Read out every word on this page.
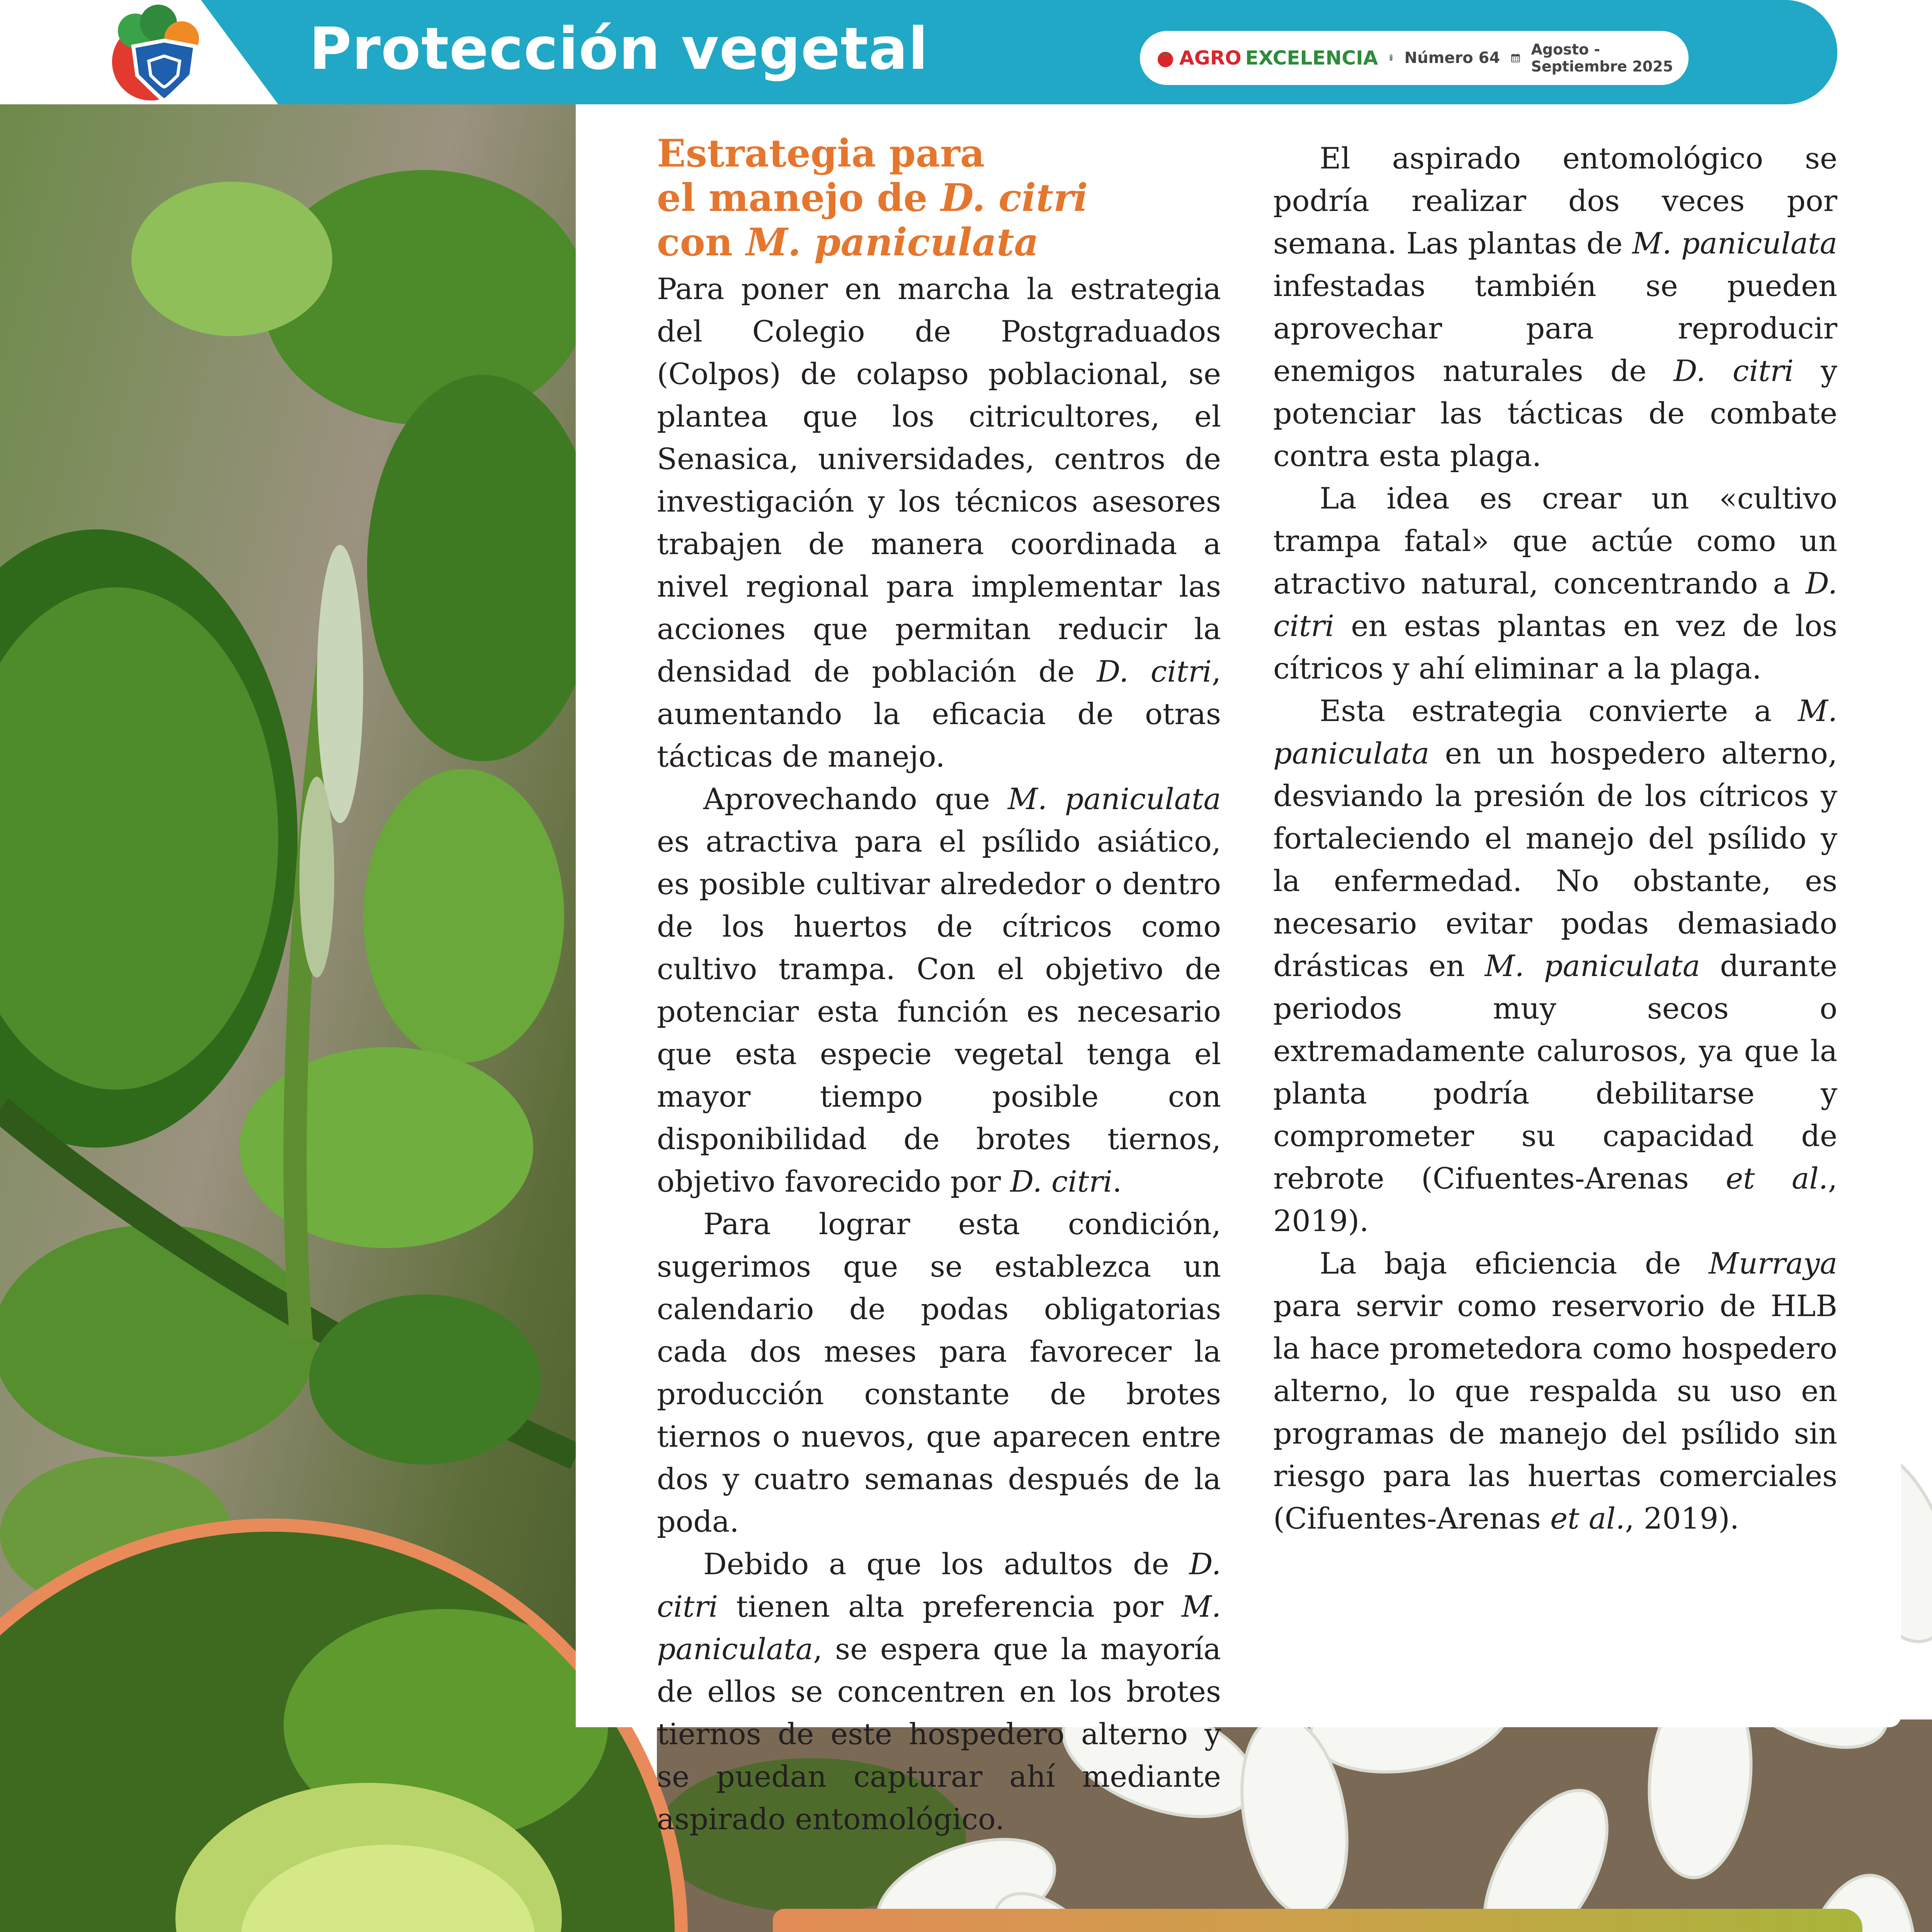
Protección vegetal	AGRO EXCELENCIA Número 64 Agosto -
Septiembre 2025
Estrategia para
el manejo de D. citri
con M. paniculata

Para poner en marcha la estrategia del Colegio de Postgraduados (Colpos) de colapso poblacional, se plantea que los citricultores, el Senasica, universidades, centros de investigación y los técnicos asesores trabajen de manera coordinada a nivel regional para implementar las acciones que permitan reducir la densidad de población de D. citri, aumentando la eficacia de otras tácticas de manejo.

Aprovechando que M. paniculata es atractiva para el psílido asiático, es posible cultivar alrededor o dentro de los huertos de cítricos como cultivo trampa. Con el objetivo de potenciar esta función es necesario que esta especie vegetal tenga el mayor tiempo posible con disponibilidad de brotes tiernos, objetivo favorecido por D. citri.

Para lograr esta condición, sugerimos que se establezca un calendario de podas obligatorias cada dos meses para favorecer la producción constante de brotes tiernos o nuevos, que aparecen entre dos y cuatro semanas después de la poda.

Debido a que los adultos de D. citri tienen alta preferencia por M. paniculata, se espera que la mayoría de ellos se concentren en los brotes tiernos de este hospedero alterno y se puedan capturar ahí mediante aspirado entomológico.

El aspirado entomológico se podría realizar dos veces por semana. Las plantas de M. paniculata infestadas también se pueden aprovechar para reproducir enemigos naturales de D. citri y potenciar las tácticas de combate contra esta plaga.

La idea es crear un «cultivo trampa fatal» que actúe como un atractivo natural, concentrando a D. citri en estas plantas en vez de los cítricos y ahí eliminar a la plaga.

Esta estrategia convierte a M. paniculata en un hospedero alterno, desviando la presión de los cítricos y fortaleciendo el manejo del psílido y la enfermedad. No obstante, es necesario evitar podas demasiado drásticas en M. paniculata durante periodos muy secos o extremadamente calurosos, ya que la planta podría debilitarse y comprometer su capacidad de rebrote (Cifuentes-Arenas et al., 2019).

La baja eficiencia de Murraya para servir como reservorio de HLB la hace prometedora como hospedero alterno, lo que respalda su uso en programas de manejo del psílido sin riesgo para las huertas comerciales (Cifuentes-Arenas et al., 2019).
